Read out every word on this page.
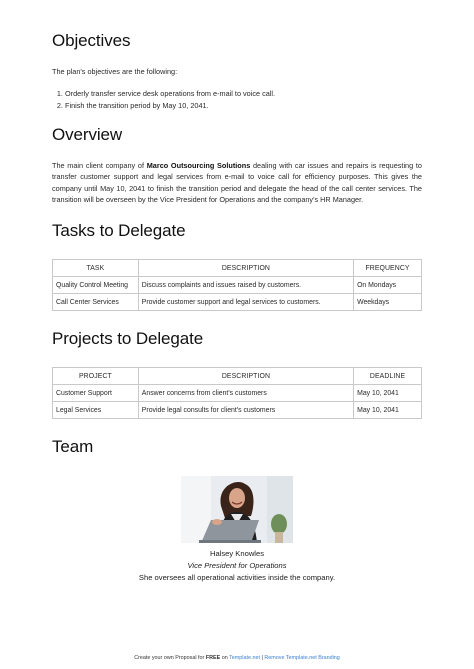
Objectives

The plan's objectives are the following:

1. Orderly transfer service desk operations from e-mail to voice call.
2. Finish the transition period by May 10, 2041.
Overview

The main client company of Marco Outsourcing Solutions dealing with car issues and repairs is requesting to transfer customer support and legal services from e-mail to voice call for efficiency purposes. This gives the company until May 10, 2041 to finish the transition period and delegate the head of the call center services. The transition will be overseen by the Vice President for Operations and the company's HR Manager.

Tasks to Delegate
TASK	DESCRIPTION	FREQUENCY
Quality Control Meeting	Discuss complaints and issues raised by customers.	On Mondays
Call Center Services	Provide customer support and legal services to customers.	Weekdays
Projects to Delegate
PROJECT	DESCRIPTION	DEADLINE
Customer Support	Answer concerns from client's customers	May 10, 2041
Legal Services	Provide legal consults for client's customers	May 10, 2041
Team
Halsey Knowles
Vice President for Operations
She oversees all operational activities inside the company.
Create your own Proposal for FREE on Template.net | Remove Template.net Branding
